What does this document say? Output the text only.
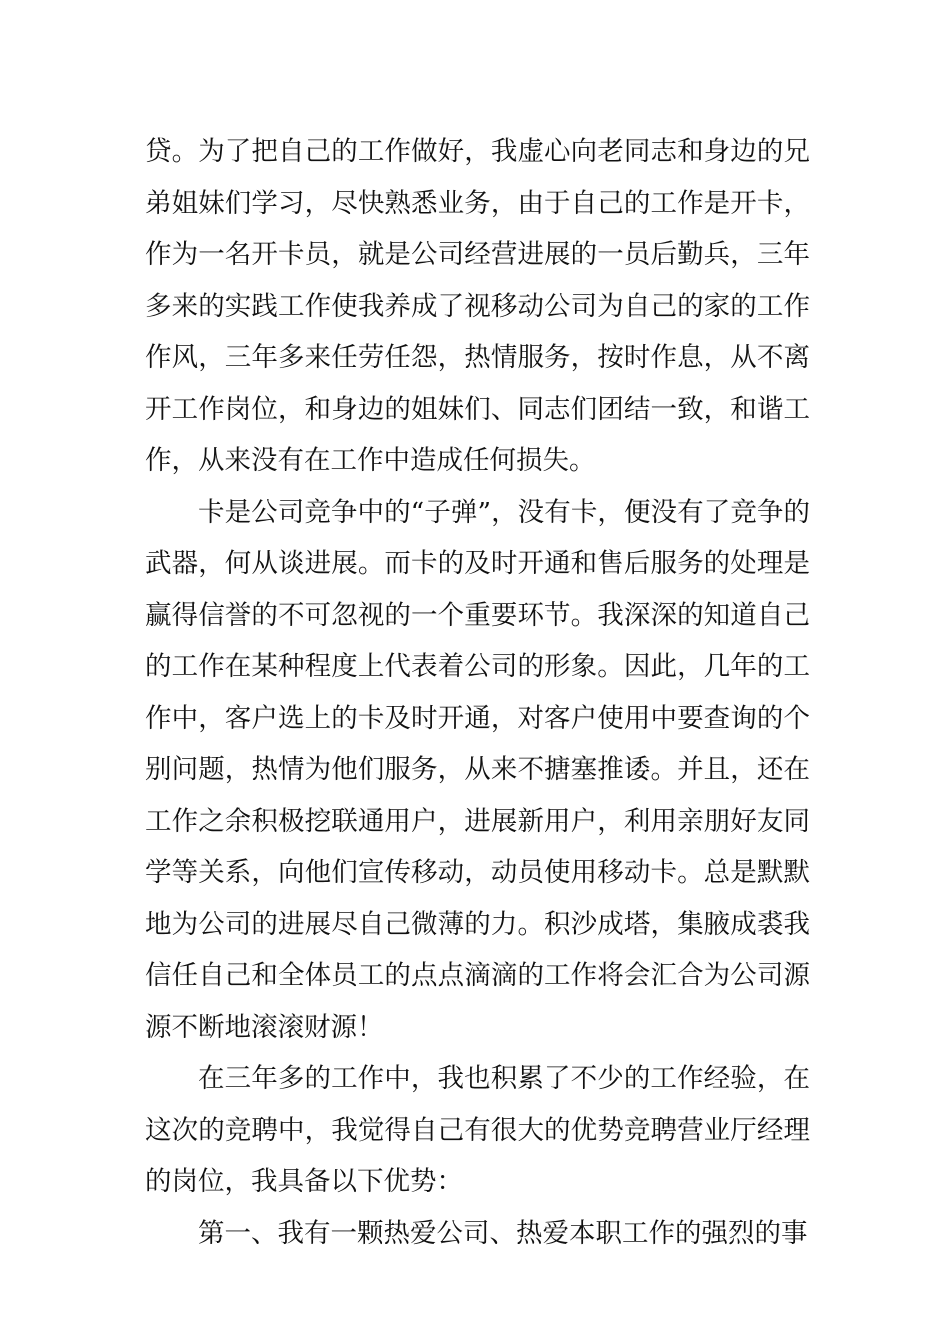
贷。为了把自己的工作做好，我虚心向老同志和身边的兄弟姐妹们学习，尽快熟悉业务，由于自己的工作是开卡，作为一名开卡员，就是公司经营进展的一员后勤兵，三年多来的实践工作使我养成了视移动公司为自己的家的工作作风，三年多来任劳任怨，热情服务，按时作息，从不离开工作岗位，和身边的姐妹们、同志们团结一致，和谐工作，从来没有在工作中造成任何损失。

卡是公司竞争中的“子弹”，没有卡，便没有了竞争的武器，何从谈进展。而卡的及时开通和售后服务的处理是赢得信誉的不可忽视的一个重要环节。我深深的知道自己的工作在某种程度上代表着公司的形象。因此，几年的工作中，客户选上的卡及时开通，对客户使用中要查询的个别问题，热情为他们服务，从来不搪塞推诿。并且，还在工作之余积极挖联通用户，进展新用户，利用亲朋好友同学等关系，向他们宣传移动，动员使用移动卡。总是默默地为公司的进展尽自己微薄的力。积沙成塔，集腋成裘我信任自己和全体员工的点点滴滴的工作将会汇合为公司源源不断地滚滚财源！

在三年多的工作中，我也积累了不少的工作经验，在这次的竞聘中，我觉得自己有很大的优势竞聘营业厅经理的岗位，我具备以下优势：

第一、我有一颗热爱公司、热爱本职工作的强烈的事
